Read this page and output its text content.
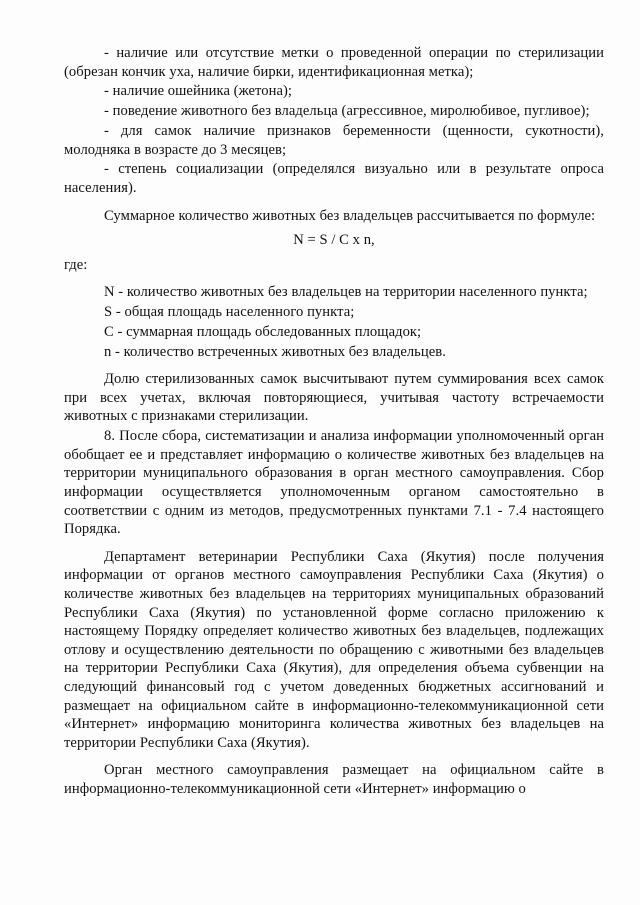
- наличие или отсутствие метки о проведенной операции по стерилизации (обрезан кончик уха, наличие бирки, идентификационная метка);

- наличие ошейника (жетона);

- поведение животного без владельца (агрессивное, миролюбивое, пугливое);

- для самок наличие признаков беременности (щенности, сукотности), молодняка в возрасте до 3 месяцев;

- степень социализации (определялся визуально или в результате опроса населения).

Суммарное количество животных без владельцев рассчитывается по формуле:

N = S / C x n,

где:

N - количество животных без владельцев на территории населенного пункта;

S - общая площадь населенного пункта;

C - суммарная площадь обследованных площадок;

n - количество встреченных животных без владельцев.

Долю стерилизованных самок высчитывают путем суммирования всех самок при всех учетах, включая повторяющиеся, учитывая частоту встречаемости животных с признаками стерилизации.

8. После сбора, систематизации и анализа информации уполномоченный орган обобщает ее и представляет информацию о количестве животных без владельцев на территории муниципального образования в орган местного самоуправления. Сбор информации осуществляется уполномоченным органом самостоятельно в соответствии с одним из методов, предусмотренных пунктами 7.1 - 7.4 настоящего Порядка.

Департамент ветеринарии Республики Саха (Якутия) после получения информации от органов местного самоуправления Республики Саха (Якутия) о количестве животных без владельцев на территориях муниципальных образований Республики Саха (Якутия) по установленной форме согласно приложению к настоящему Порядку определяет количество животных без владельцев, подлежащих отлову и осуществлению деятельности по обращению с животными без владельцев на территории Республики Саха (Якутия), для определения объема субвенции на следующий финансовый год с учетом доведенных бюджетных ассигнований и размещает на официальном сайте в информационно-телекоммуникационной сети «Интернет» информацию мониторинга количества животных без владельцев на территории Республики Саха (Якутия).

Орган местного самоуправления размещает на официальном сайте в информационно-телекоммуникационной сети «Интернет» информацию о
